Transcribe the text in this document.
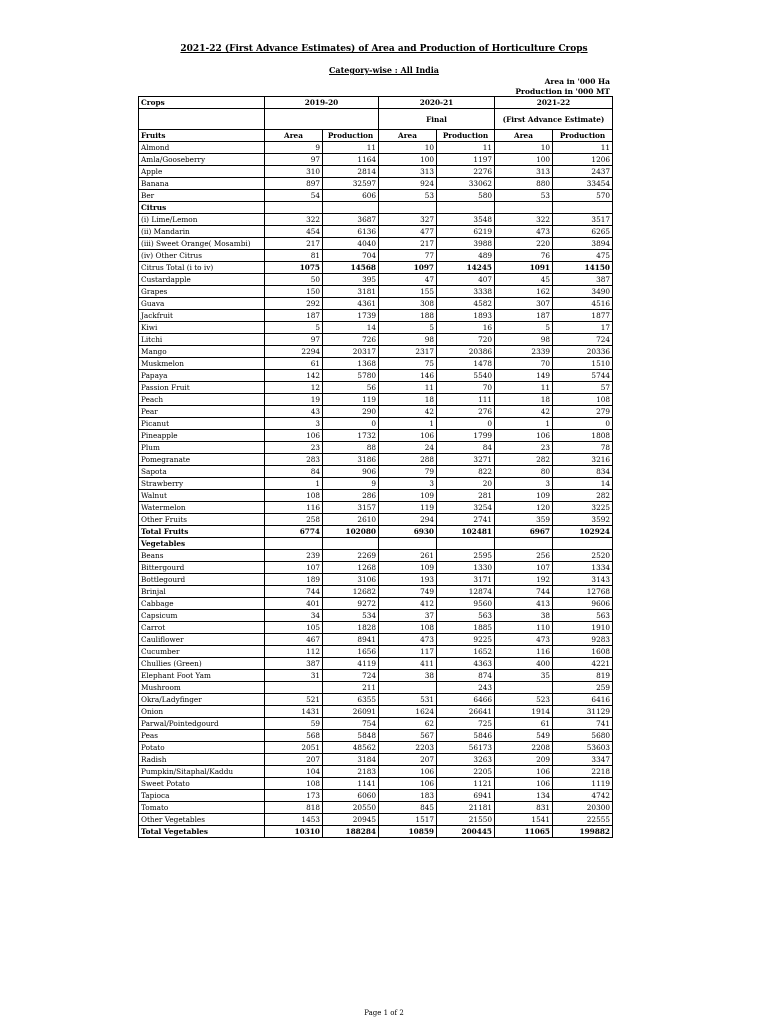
2021-22 (First Advance Estimates) of Area and Production of Horticulture Crops
Category-wise : All India
Area in '000 Ha
Production in '000 MT
Crops	2019-20		2020-21		2021-22	
			Final		(First Advance Estimate)	
Fruits	Area	Production	Area	Production	Area	Production
Almond	9	11	10	11	10	11
Amla/Gooseberry	97	1164	100	1197	100	1206
Apple	310	2814	313	2276	313	2437
Banana	897	32597	924	33062	880	33454
Ber	54	606	53	580	53	570
Citrus						
(i) Lime/Lemon	322	3687	327	3548	322	3517
(ii) Mandarin	454	6136	477	6219	473	6265
(iii) Sweet Orange( Mosambi)	217	4040	217	3988	220	3894
(iv) Other Citrus	81	704	77	489	76	475
Citrus Total (i to iv)	1075	14568	1097	14245	1091	14150
Custardapple	50	395	47	407	45	387
Grapes	150	3181	155	3338	162	3490
Guava	292	4361	308	4582	307	4516
Jackfruit	187	1739	188	1893	187	1877
Kiwi	5	14	5	16	5	17
Litchi	97	726	98	720	98	724
Mango	2294	20317	2317	20386	2339	20336
Muskmelon	61	1368	75	1478	70	1510
Papaya	142	5780	146	5540	149	5744
Passion Fruit	12	56	11	70	11	57
Peach	19	119	18	111	18	108
Pear	43	290	42	276	42	279
Picanut	3	0	1	0	1	0
Pineapple	106	1732	106	1799	106	1808
Plum	23	88	24	84	23	78
Pomegranate	283	3186	288	3271	282	3216
Sapota	84	906	79	822	80	834
Strawberry	1	9	3	20	3	14
Walnut	108	286	109	281	109	282
Watermelon	116	3157	119	3254	120	3225
Other Fruits	258	2610	294	2741	359	3592
Total Fruits	6774	102080	6930	102481	6967	102924
Vegetables						
Beans	239	2269	261	2595	256	2520
Bittergourd	107	1268	109	1330	107	1334
Bottlegourd	189	3106	193	3171	192	3143
Brinjal	744	12682	749	12874	744	12768
Cabbage	401	9272	412	9560	413	9606
Capsicum	34	534	37	563	38	563
Carrot	105	1828	108	1885	110	1910
Cauliflower	467	8941	473	9225	473	9283
Cucumber	112	1656	117	1652	116	1608
Chullies (Green)	387	4119	411	4363	400	4221
Elephant Foot Yam	31	724	38	874	35	819
Mushroom		211		243		259
Okra/Ladyfinger	521	6355	531	6466	523	6416
Onion	1431	26091	1624	26641	1914	31129
Parwal/Pointedgourd	59	754	62	725	61	741
Peas	568	5848	567	5846	549	5680
Potato	2051	48562	2203	56173	2208	53603
Radish	207	3184	207	3263	209	3347
Pumpkin/Sitaphal/Kaddu	104	2183	106	2205	106	2218
Sweet Potato	108	1141	106	1121	106	1119
Tapioca	173	6060	183	6941	134	4742
Tomato	818	20550	845	21181	831	20300
Other Vegetables	1453	20945	1517	21550	1541	22555
Total Vegetables	10310	188284	10859	200445	11065	199882
Page 1 of 2
